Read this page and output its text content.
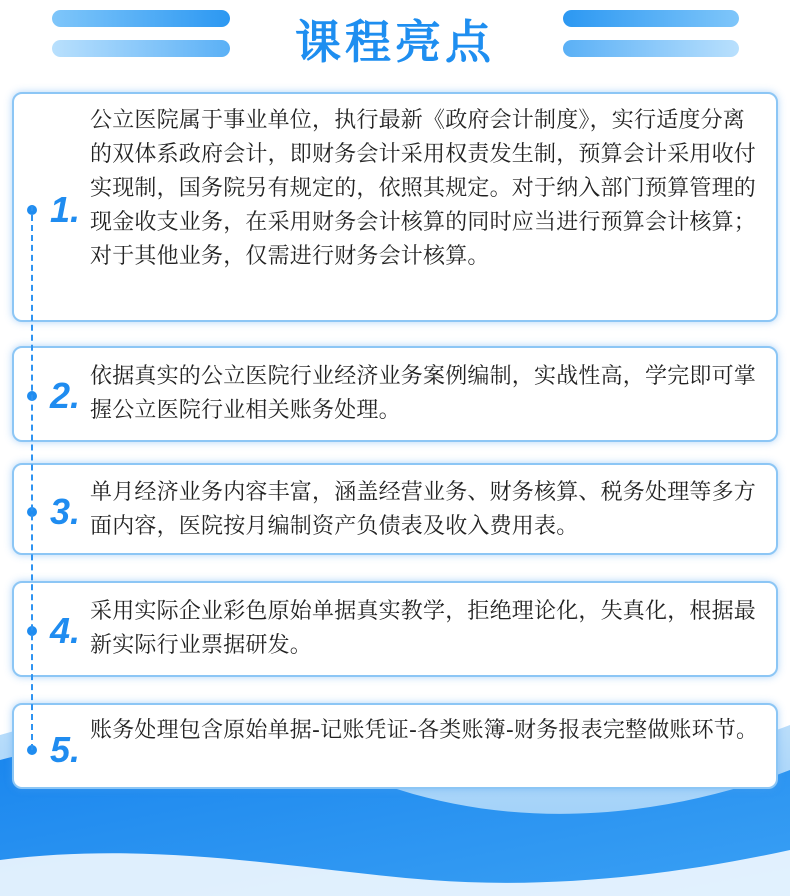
课程亮点
1.
公立医院属于事业单位，执行最新《政府会计制度》，实行适度分离的双体系政府会计，即财务会计采用权责发生制，预算会计采用收付实现制，国务院另有规定的，依照其规定。对于纳入部门预算管理的现金收支业务，在采用财务会计核算的同时应当进行预算会计核算；对于其他业务，仅需进行财务会计核算。
2. 依据真实的公立医院行业经济业务案例编制，实战性高，学完即可掌握公立医院行业相关账务处理。
3. 单月经济业务内容丰富，涵盖经营业务、财务核算、税务处理等多方面内容，医院按月编制资产负债表及收入费用表。
4. 采用实际企业彩色原始单据真实教学，拒绝理论化，失真化，根据最新实际行业票据研发。
5. 账务处理包含原始单据-记账凭证-各类账簿-财务报表完整做账环节。
